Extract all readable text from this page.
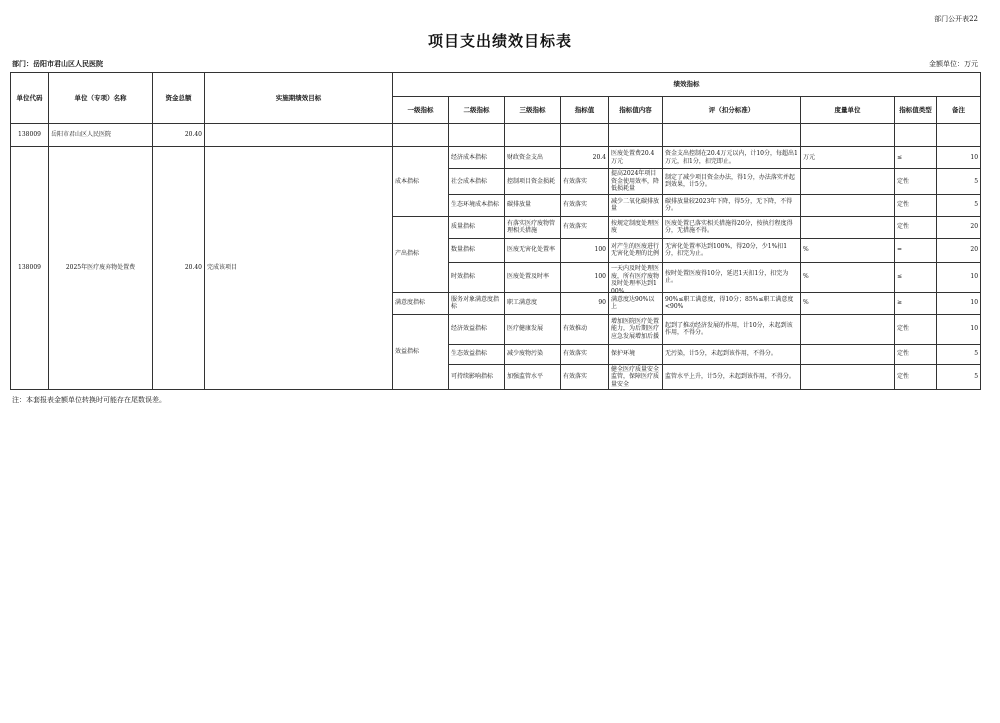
部门公开表22
项目支出绩效目标表
部门：岳阳市君山区人民医院	金额单位：万元
单位代码	单位（专项）名称	资金总额	实施期绩效目标	绩效指标								
				一级指标	二级指标	三级指标	指标值	指标值内容	评（扣分标准）	度量单位	指标值类型	备注
138009	岳阳市君山区人民医院	20.40										
138009	2025年医疗废弃物处置费	20.40	完成该项目	成本指标	经济成本指标	财政资金支出	20.4	医废处置费20.4万元	资金支出控制在20.4万元以内，计10分，每超出1万元，扣1分，扣完即止。	万元	≤	10
					社会成本指标	控制项目资金损耗	有效落实	提高2024年项目资金使用效率，降低损耗量	制定了减少项目资金办法，得1分，办法落实并起到效果，计5分。		定性	5
					生态环境成本指标	碳排放量	有效落实	减少二氧化碳排放量	碳排放量较2023年下降，得5分，无下降，不得分。		定性	5
				产出指标	质量指标	有落实医疗废物管理相关措施	有效落实	按规定制度处理医废	医废处置已落实相关措施得20分，按执行程度得分，无措施不得。		定性	20
					数量指标	医废无害化处置率	100	对产生的医废进行无害化处理的比例	无害化处置率达到100%，得20分，少1%扣1分，扣完为止。	%	=	20
					时效指标	医废处置及时率	100	一天内及时处理医废，所有医疗废物及时处理率达到100%	按时处置医废得10分，延迟1天扣1分，扣完为止。	%	≤	10
				满意度指标	服务对象满意度指标	职工满意度	90	满意度达90%以上	90%≤职工满意度，得10分；85%≤职工满意度<90%	%	≥	10
				效益指标	经济效益指标	医疗健康发展	有效推动	增加医院医疗处置能力，为后期医疗应急发展增加后援	起到了推动经济发展的作用，计10分，未起到该作用，不得分。		定性	10
					生态效益指标	减少废物污染	有效落实	保护环境	无污染，计5分，未起到该作用，不得分。		定性	5
					可持续影响指标	加强监管水平	有效落实	健全医疗质量安全监管，保障医疗质量安全	监管水平上升，计5分，未起到该作用，不得分。		定性	5
注：本套报表金额单位转换时可能存在尾数误差。
